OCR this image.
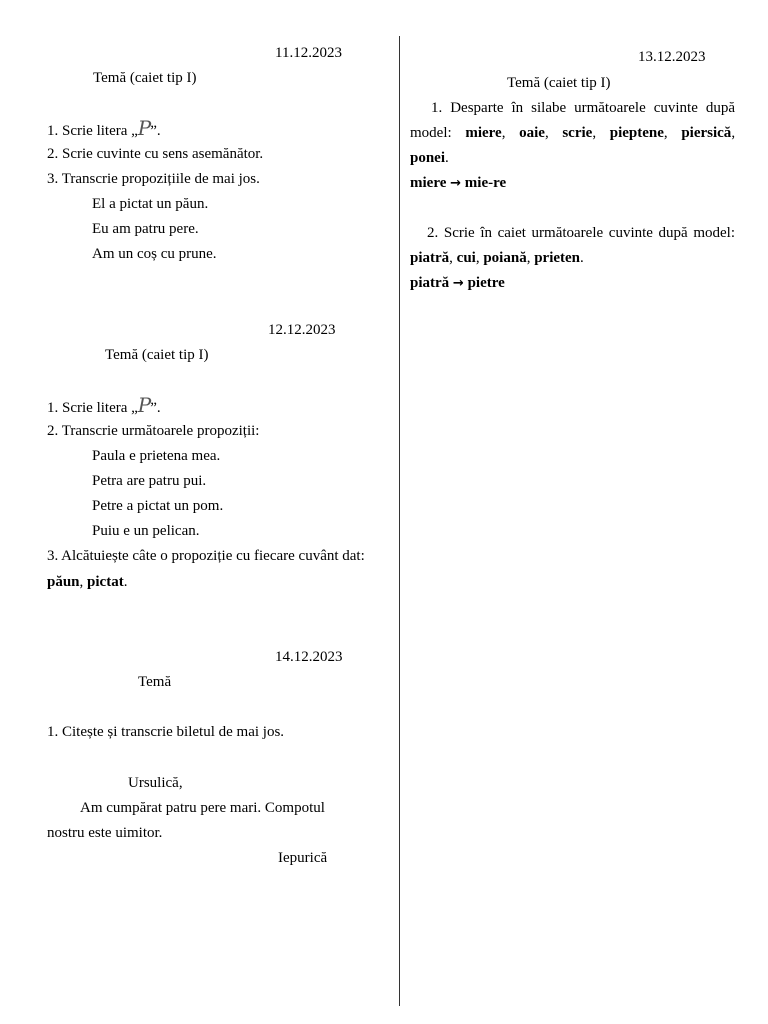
11.12.2023
Temă (caiet tip I)
1. Scrie litera „P”.
2. Scrie cuvinte cu sens asemănător.
3. Transcrie propozițiile de mai jos.
El a pictat un păun.
Eu am patru pere.
Am un coș cu prune.
12.12.2023
Temă (caiet tip I)
1. Scrie litera „P”.
2. Transcrie următoarele propoziții:
Paula e prietena mea.
Petra are patru pui.
Petre a pictat un pom.
Puiu e un pelican.
3. Alcătuiește câte o propoziție cu fiecare cuvânt dat:
păun, pictat.
14.12.2023
Temă
1. Citește și transcrie biletul de mai jos.
Ursulică,
Am cumpărat patru pere mari. Compotul
nostru este uimitor.
Iepurică
13.12.2023
Temă (caiet tip I)
1. Desparte în silabe următoarele cuvinte după
model: miere, oaie, scrie, pieptene, piersică,
ponei.
miere → mie-re
2. Scrie în caiet următoarele cuvinte după model:
piatră, cui, poiană, prieten.
piatră → pietre
